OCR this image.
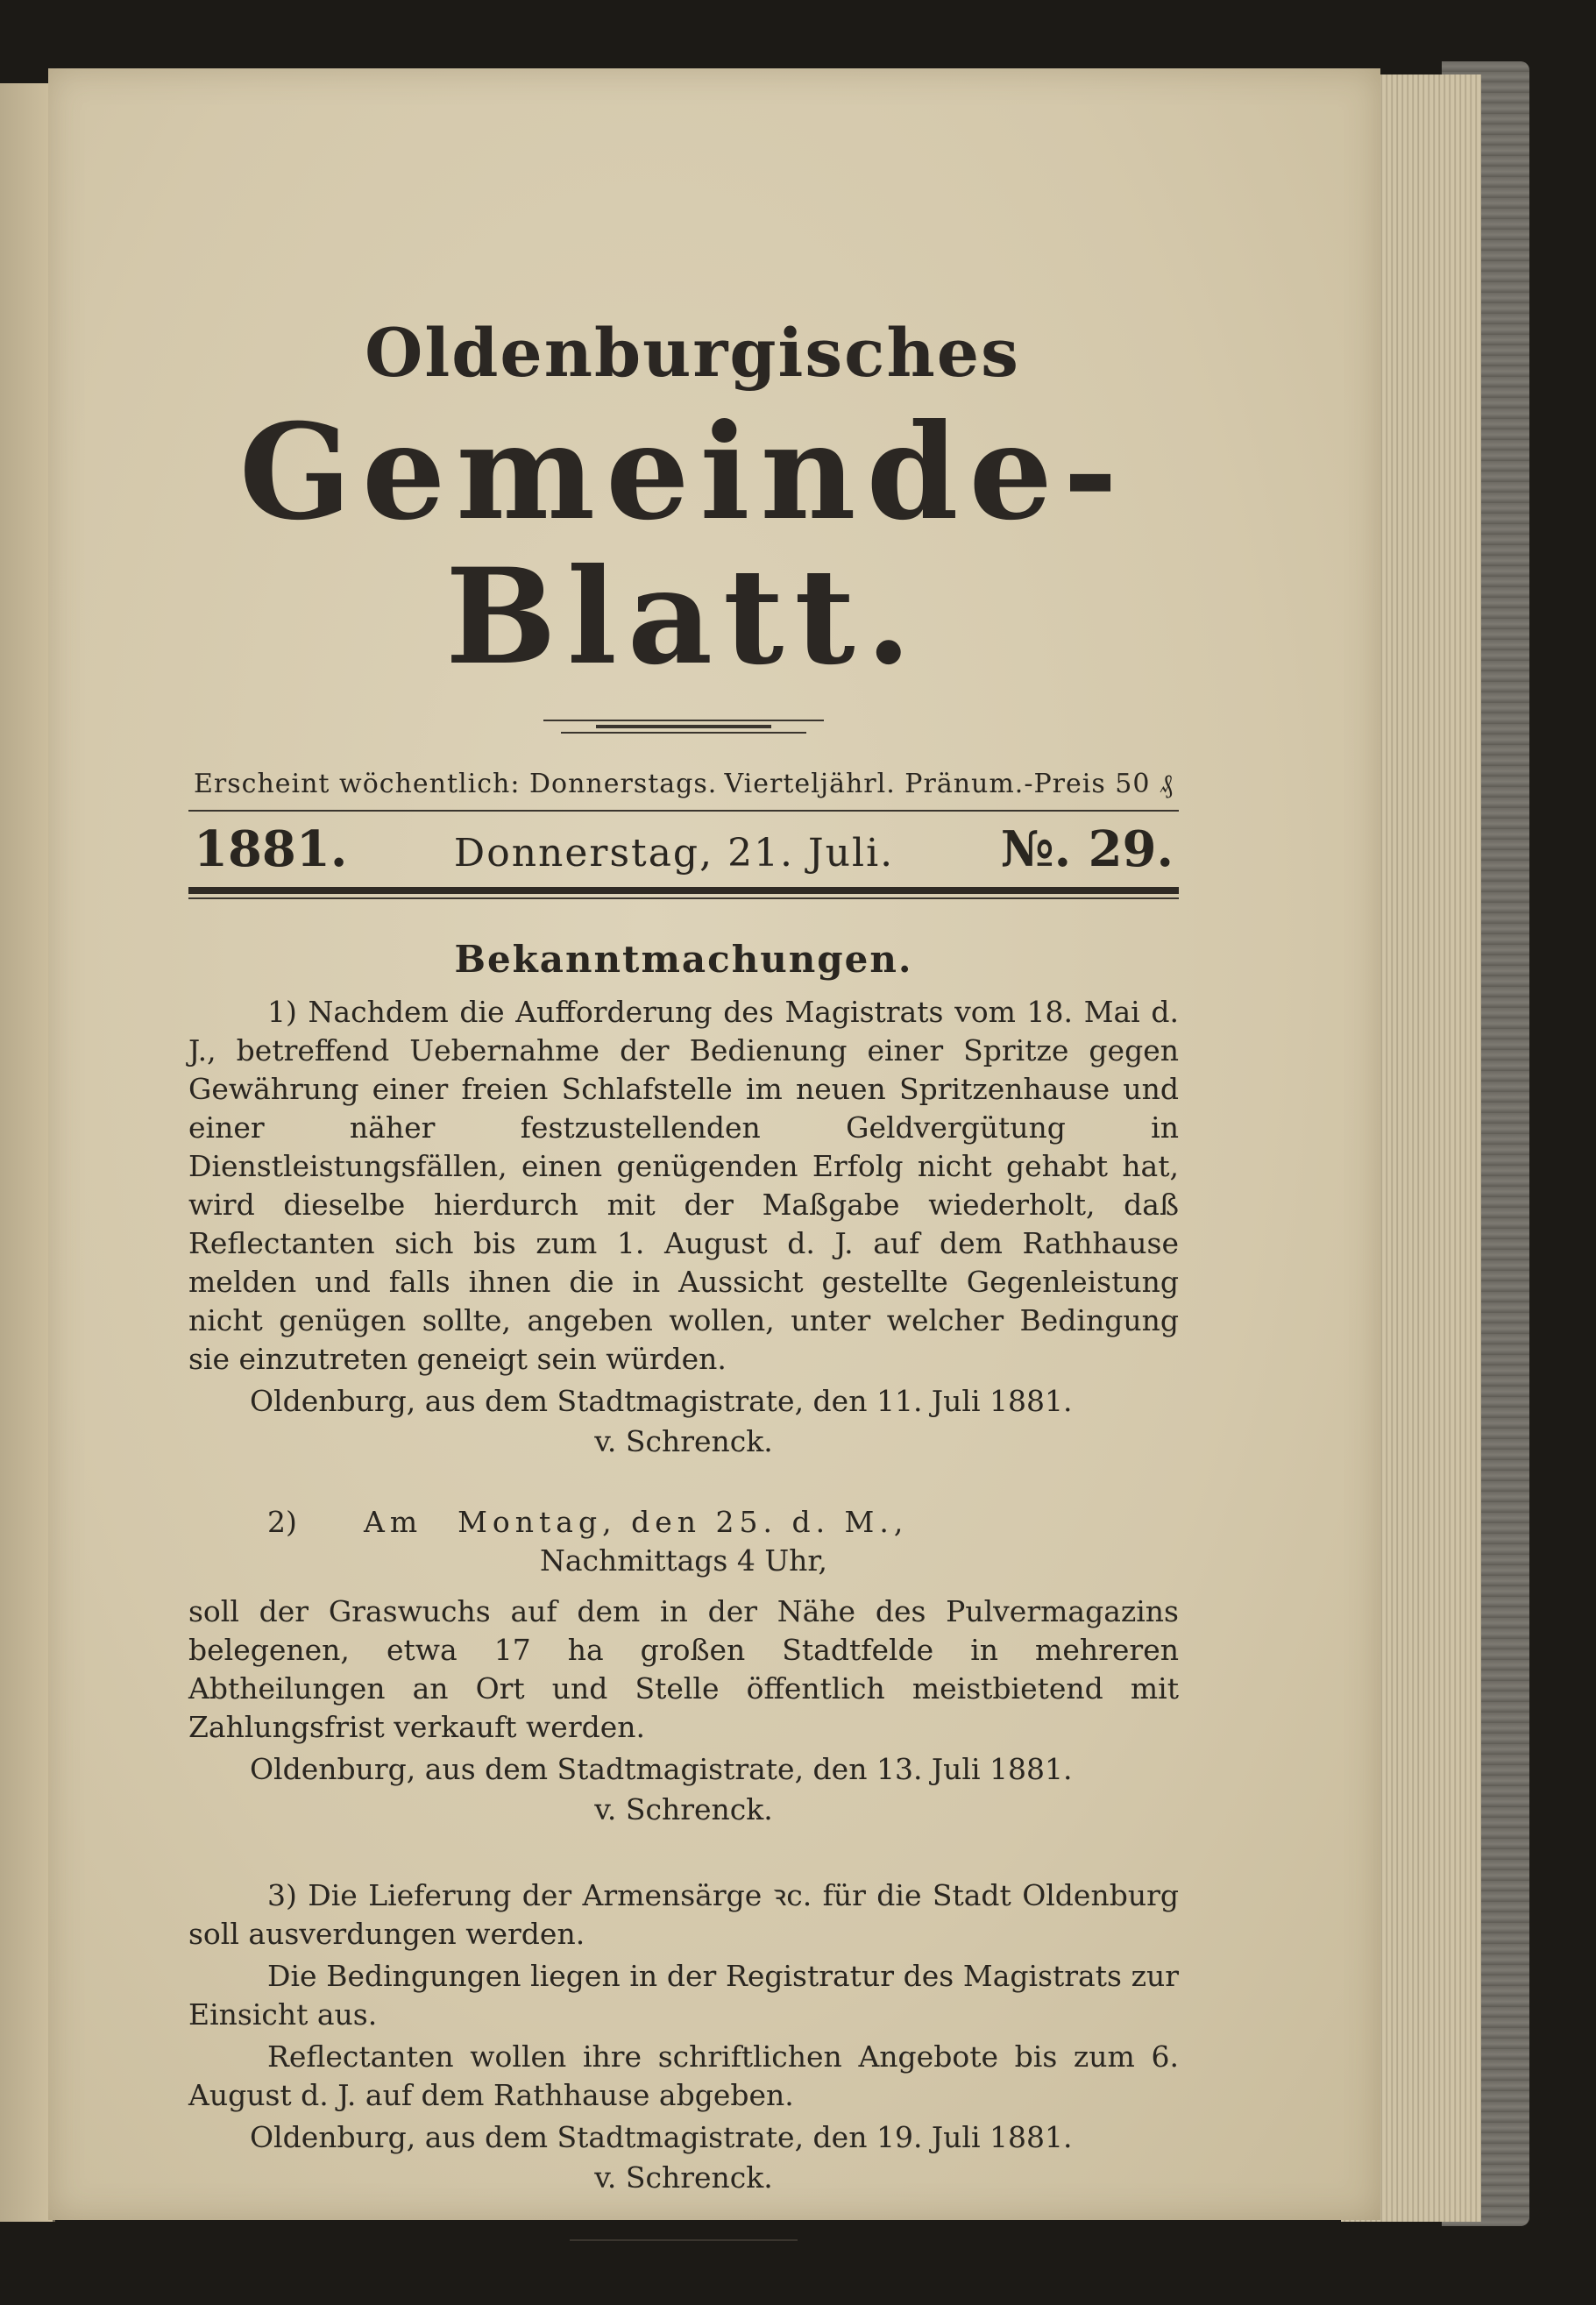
Oldenburgisches
Gemeinde-Blatt.
Erscheint wöchentlich: Donnerstags. Vierteljährl. Pränum.-Preis 50 ₰
1881.	Donnerstag, 21. Juli. №. 29.
Bekanntmachungen.
1) Nachdem die Aufforderung des Magistrats vom 18. Mai d. J., betreffend Uebernahme der Bedienung einer Spritze gegen Gewährung einer freien Schlafstelle im neuen Spritzenhause und einer näher festzustellenden Geldvergütung in Dienstleistungsfällen, einen genügenden Erfolg nicht gehabt hat, wird dieselbe hierdurch mit der Maßgabe wiederholt, daß Reflectanten sich bis zum 1. August d. J. auf dem Rathhause melden und falls ihnen die in Aussicht gestellte Gegenleistung nicht genügen sollte, angeben wollen, unter welcher Bedingung sie einzutreten geneigt sein würden.
Oldenburg, aus dem Stadtmagistrate, den 11. Juli 1881.
v. Schrenck.
2)	Am Montag, den 25. d. M.,
Nachmittags 4 Uhr,
soll der Graswuchs auf dem in der Nähe des Pulvermagazins belegenen, etwa 17 ha großen Stadtfelde in mehreren Abtheilungen an Ort und Stelle öffentlich meistbietend mit Zahlungsfrist verkauft werden.
Oldenburg, aus dem Stadtmagistrate, den 13. Juli 1881.
v. Schrenck.
3) Die Lieferung der Armensärge ꝛc. für die Stadt Oldenburg soll ausverdungen werden.
Die Bedingungen liegen in der Registratur des Magistrats zur Einsicht aus.
Reflectanten wollen ihre schriftlichen Angebote bis zum 6. August d. J. auf dem Rathhause abgeben.
Oldenburg, aus dem Stadtmagistrate, den 19. Juli 1881.
v. Schrenck.
